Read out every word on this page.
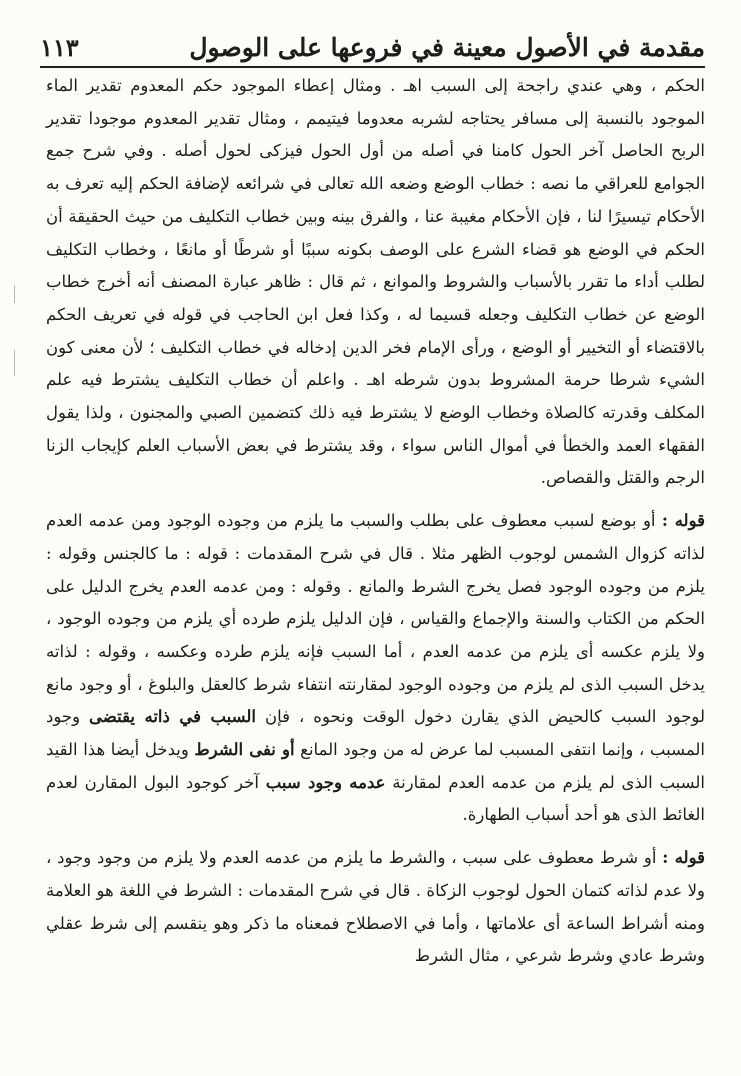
مقدمة في الأصول معينة في فروعها على الوصول
١١٣

الحكم ، وهي عندي راجحة إلى السبب اهـ . ومثال إعطاء الموجود حكم المعدوم تقدير الماء الموجود بالنسبة إلى مسافر يحتاجه لشربه معدوما فيتيمم ، ومثال تقدير المعدوم موجودا تقدير الربح الحاصل آخر الحول كامنا في أصله من أول الحول فيزكى لحول أصله . وفي شرح جمع الجوامع للعراقي ما نصه : خطاب الوضع وضعه الله تعالى في شرائعه لإضافة الحكم إليه تعرف به الأحكام تيسيرًا لنا ، فإن الأحكام مغيبة عنا ، والفرق بينه وبين خطاب التكليف من حيث الحقيقة أن الحكم في الوضع هو قضاء الشرع على الوصف بكونه سببًا أو شرطًا أو مانعًا ، وخطاب التكليف لطلب أداء ما تقرر بالأسباب والشروط والموانع ، ثم قال : ظاهر عبارة المصنف أنه أخرج خطاب الوضع عن خطاب التكليف وجعله قسيما له ، وكذا فعل ابن الحاجب في قوله في تعريف الحكم بالاقتضاء أو التخيير أو الوضع ، ورأى الإمام فخر الدين إدخاله في خطاب التكليف ؛ لأن معنى كون الشيء شرطا حرمة المشروط بدون شرطه اهـ . واعلم أن خطاب التكليف يشترط فيه علم المكلف وقدرته كالصلاة وخطاب الوضع لا يشترط فيه ذلك كتضمين الصبي والمجنون ، ولذا يقول الفقهاء العمد والخطأ في أموال الناس سواء ، وقد يشترط في بعض الأسباب العلم كإيجاب الزنا الرجم والقتل والقصاص.

قوله : أو بوضع لسبب معطوف على بطلب والسبب ما يلزم من وجوده الوجود ومن عدمه العدم لذاته كزوال الشمس لوجوب الظهر مثلا . قال في شرح المقدمات : قوله : ما كالجنس وقوله : يلزم من وجوده الوجود فصل يخرج الشرط والمانع . وقوله : ومن عدمه العدم يخرج الدليل على الحكم من الكتاب والسنة والإجماع والقياس ، فإن الدليل يلزم طرده أي يلزم من وجوده الوجود ، ولا يلزم عكسه أى يلزم من عدمه العدم ، أما السبب فإنه يلزم طرده وعكسه ، وقوله : لذاته يدخل السبب الذى لم يلزم من وجوده الوجود لمقارنته انتفاء شرط كالعقل والبلوغ ، أو وجود مانع لوجود السبب كالحيض الذي يقارن دخول الوقت ونحوه ، فإن السبب في ذاته يقتضى وجود المسبب ، وإنما انتفى المسبب لما عرض له من وجود المانع أو نفى الشرط ويدخل أيضا هذا القيد السبب الذى لم يلزم من عدمه العدم لمقارنة عدمه وجود سبب آخر كوجود البول المقارن لعدم الغائط الذى هو أحد أسباب الطهارة.

قوله : أو شرط معطوف على سبب ، والشرط ما يلزم من عدمه العدم ولا يلزم من وجود وجود ، ولا عدم لذاته كتمان الحول لوجوب الزكاة . قال في شرح المقدمات : الشرط في اللغة هو العلامة ومنه أشراط الساعة أى علاماتها ، وأما في الاصطلاح فمعناه ما ذكر وهو ينقسم إلى شرط عقلي وشرط عادي وشرط شرعي ، مثال الشرط
